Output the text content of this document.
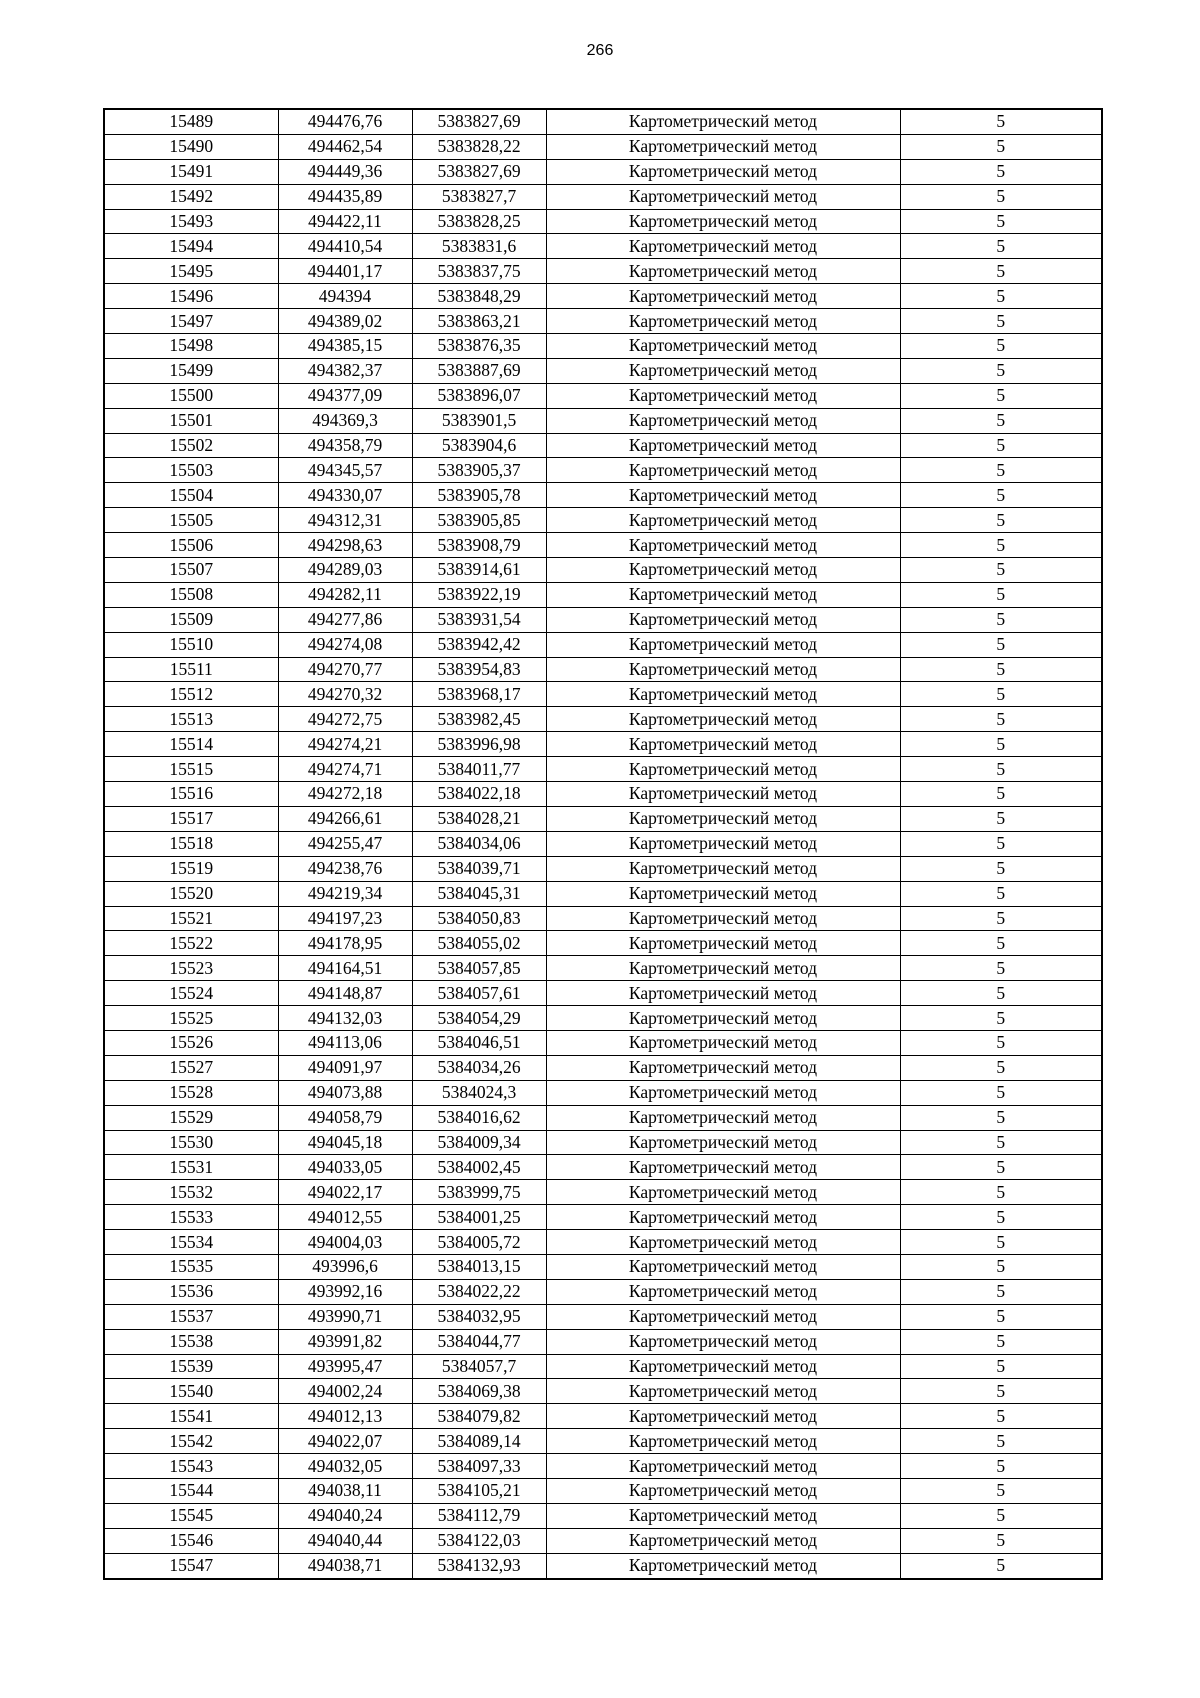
266
15489	494476,76	5383827,69	Картометрический метод	5
15490	494462,54	5383828,22	Картометрический метод	5
15491	494449,36	5383827,69	Картометрический метод	5
15492	494435,89	5383827,7	Картометрический метод	5
15493	494422,11	5383828,25	Картометрический метод	5
15494	494410,54	5383831,6	Картометрический метод	5
15495	494401,17	5383837,75	Картометрический метод	5
15496	494394	5383848,29	Картометрический метод	5
15497	494389,02	5383863,21	Картометрический метод	5
15498	494385,15	5383876,35	Картометрический метод	5
15499	494382,37	5383887,69	Картометрический метод	5
15500	494377,09	5383896,07	Картометрический метод	5
15501	494369,3	5383901,5	Картометрический метод	5
15502	494358,79	5383904,6	Картометрический метод	5
15503	494345,57	5383905,37	Картометрический метод	5
15504	494330,07	5383905,78	Картометрический метод	5
15505	494312,31	5383905,85	Картометрический метод	5
15506	494298,63	5383908,79	Картометрический метод	5
15507	494289,03	5383914,61	Картометрический метод	5
15508	494282,11	5383922,19	Картометрический метод	5
15509	494277,86	5383931,54	Картометрический метод	5
15510	494274,08	5383942,42	Картометрический метод	5
15511	494270,77	5383954,83	Картометрический метод	5
15512	494270,32	5383968,17	Картометрический метод	5
15513	494272,75	5383982,45	Картометрический метод	5
15514	494274,21	5383996,98	Картометрический метод	5
15515	494274,71	5384011,77	Картометрический метод	5
15516	494272,18	5384022,18	Картометрический метод	5
15517	494266,61	5384028,21	Картометрический метод	5
15518	494255,47	5384034,06	Картометрический метод	5
15519	494238,76	5384039,71	Картометрический метод	5
15520	494219,34	5384045,31	Картометрический метод	5
15521	494197,23	5384050,83	Картометрический метод	5
15522	494178,95	5384055,02	Картометрический метод	5
15523	494164,51	5384057,85	Картометрический метод	5
15524	494148,87	5384057,61	Картометрический метод	5
15525	494132,03	5384054,29	Картометрический метод	5
15526	494113,06	5384046,51	Картометрический метод	5
15527	494091,97	5384034,26	Картометрический метод	5
15528	494073,88	5384024,3	Картометрический метод	5
15529	494058,79	5384016,62	Картометрический метод	5
15530	494045,18	5384009,34	Картометрический метод	5
15531	494033,05	5384002,45	Картометрический метод	5
15532	494022,17	5383999,75	Картометрический метод	5
15533	494012,55	5384001,25	Картометрический метод	5
15534	494004,03	5384005,72	Картометрический метод	5
15535	493996,6	5384013,15	Картометрический метод	5
15536	493992,16	5384022,22	Картометрический метод	5
15537	493990,71	5384032,95	Картометрический метод	5
15538	493991,82	5384044,77	Картометрический метод	5
15539	493995,47	5384057,7	Картометрический метод	5
15540	494002,24	5384069,38	Картометрический метод	5
15541	494012,13	5384079,82	Картометрический метод	5
15542	494022,07	5384089,14	Картометрический метод	5
15543	494032,05	5384097,33	Картометрический метод	5
15544	494038,11	5384105,21	Картометрический метод	5
15545	494040,24	5384112,79	Картометрический метод	5
15546	494040,44	5384122,03	Картометрический метод	5
15547	494038,71	5384132,93	Картометрический метод	5
